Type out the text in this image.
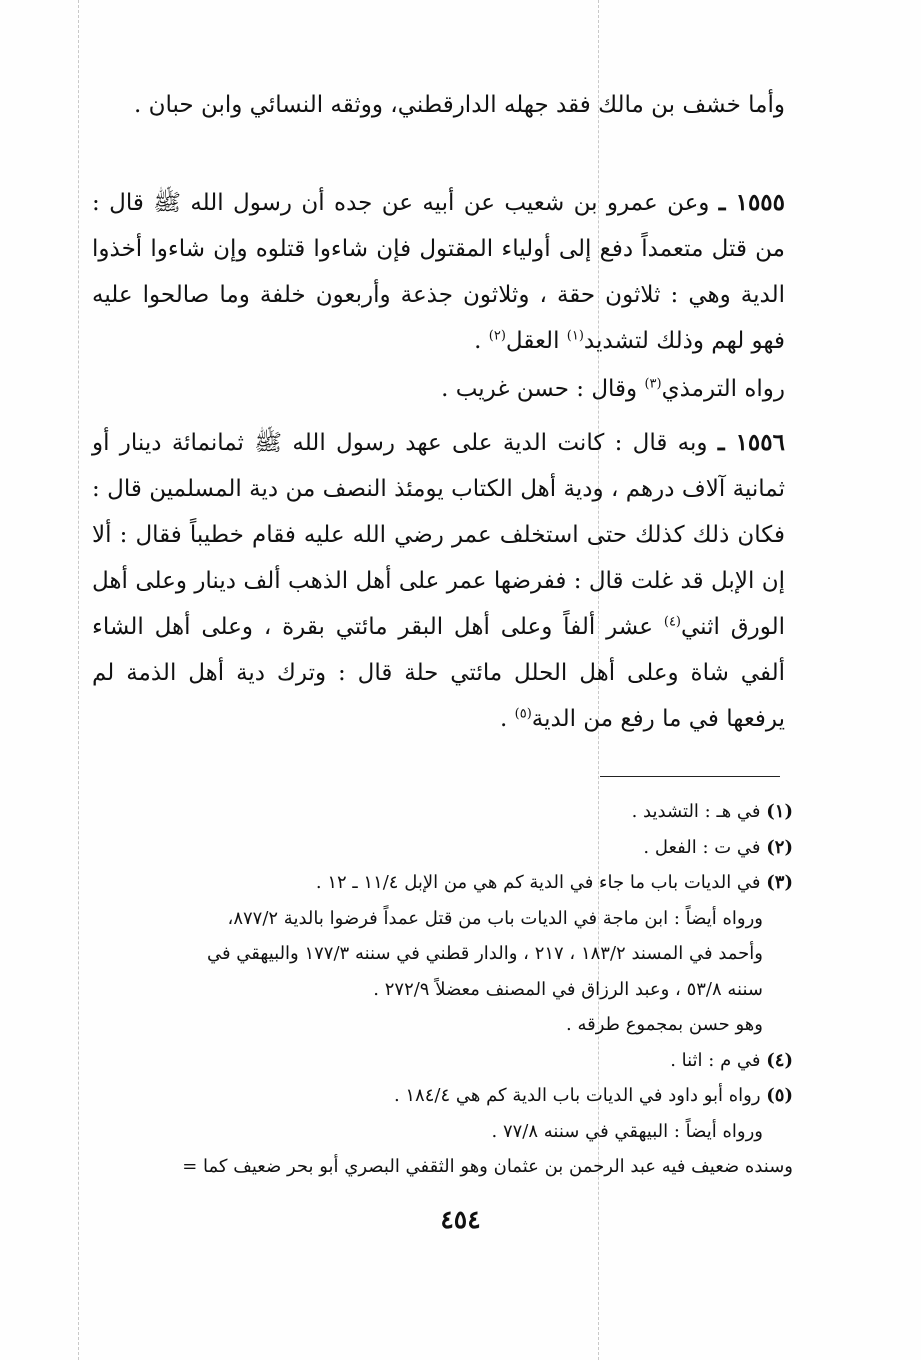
وأما خشف بن مالك فقد جهله الدارقطني، ووثقه النسائي وابن حبان .

١٥٥٥ ـ وعن عمرو بن شعيب عن أبيه عن جده أن رسول الله ﷺ قال : من قتل متعمداً دفع إلى أولياء المقتول فإن شاءوا قتلوه وإن شاءوا أخذوا الدية وهي : ثلاثون حقة ، وثلاثون جذعة وأربعون خلفة وما صالحوا عليه فهو لهم وذلك لتشديد$^{(١)}$ العقل$^{(٢)}$ .

رواه الترمذي$^{(٣)}$ وقال : حسن غريب .

١٥٥٦ ـ وبه قال : كانت الدية على عهد رسول الله ﷺ ثمانمائة دينار أو ثمانية آلاف درهم ، ودية أهل الكتاب يومئذ النصف من دية المسلمين قال : فكان ذلك كذلك حتى استخلف عمر رضي الله عليه فقام خطيباً فقال : ألا إن الإبل قد غلت قال : ففرضها عمر على أهل الذهب ألف دينار وعلى أهل الورق اثني$^{(٤)}$ عشر ألفاً وعلى أهل البقر مائتي بقرة ، وعلى أهل الشاء ألفي شاة وعلى أهل الحلل مائتي حلة قال : وترك دية أهل الذمة لم يرفعها في ما رفع من الدية$^{(٥)}$ .

(١) في هـ : التشديد .

(٢) في ت : الفعل .

(٣) في الديات باب ما جاء في الدية كم هي من الإبل ١١/٤ ـ ١٢ .

ورواه أيضاً : ابن ماجة في الديات باب من قتل عمداً فرضوا بالدية ٨٧٧/٢،

وأحمد في المسند ١٨٣/٢ ، ٢١٧ ، والدار قطني في سننه ١٧٧/٣ والبيهقي في

سننه ٥٣/٨ ، وعبد الرزاق في المصنف معضلاً ٢٧٢/٩ .

وهو حسن بمجموع طرقه .

(٤) في م : اثنا .

(٥) رواه أبو داود في الديات باب الدية كم هي ١٨٤/٤ .

ورواه أيضاً : البيهقي في سننه ٧٧/٨ .

وسنده ضعيف فيه عبد الرحمن بن عثمان وهو الثقفي البصري أبو بحر ضعيف كما =

٤٥٤
